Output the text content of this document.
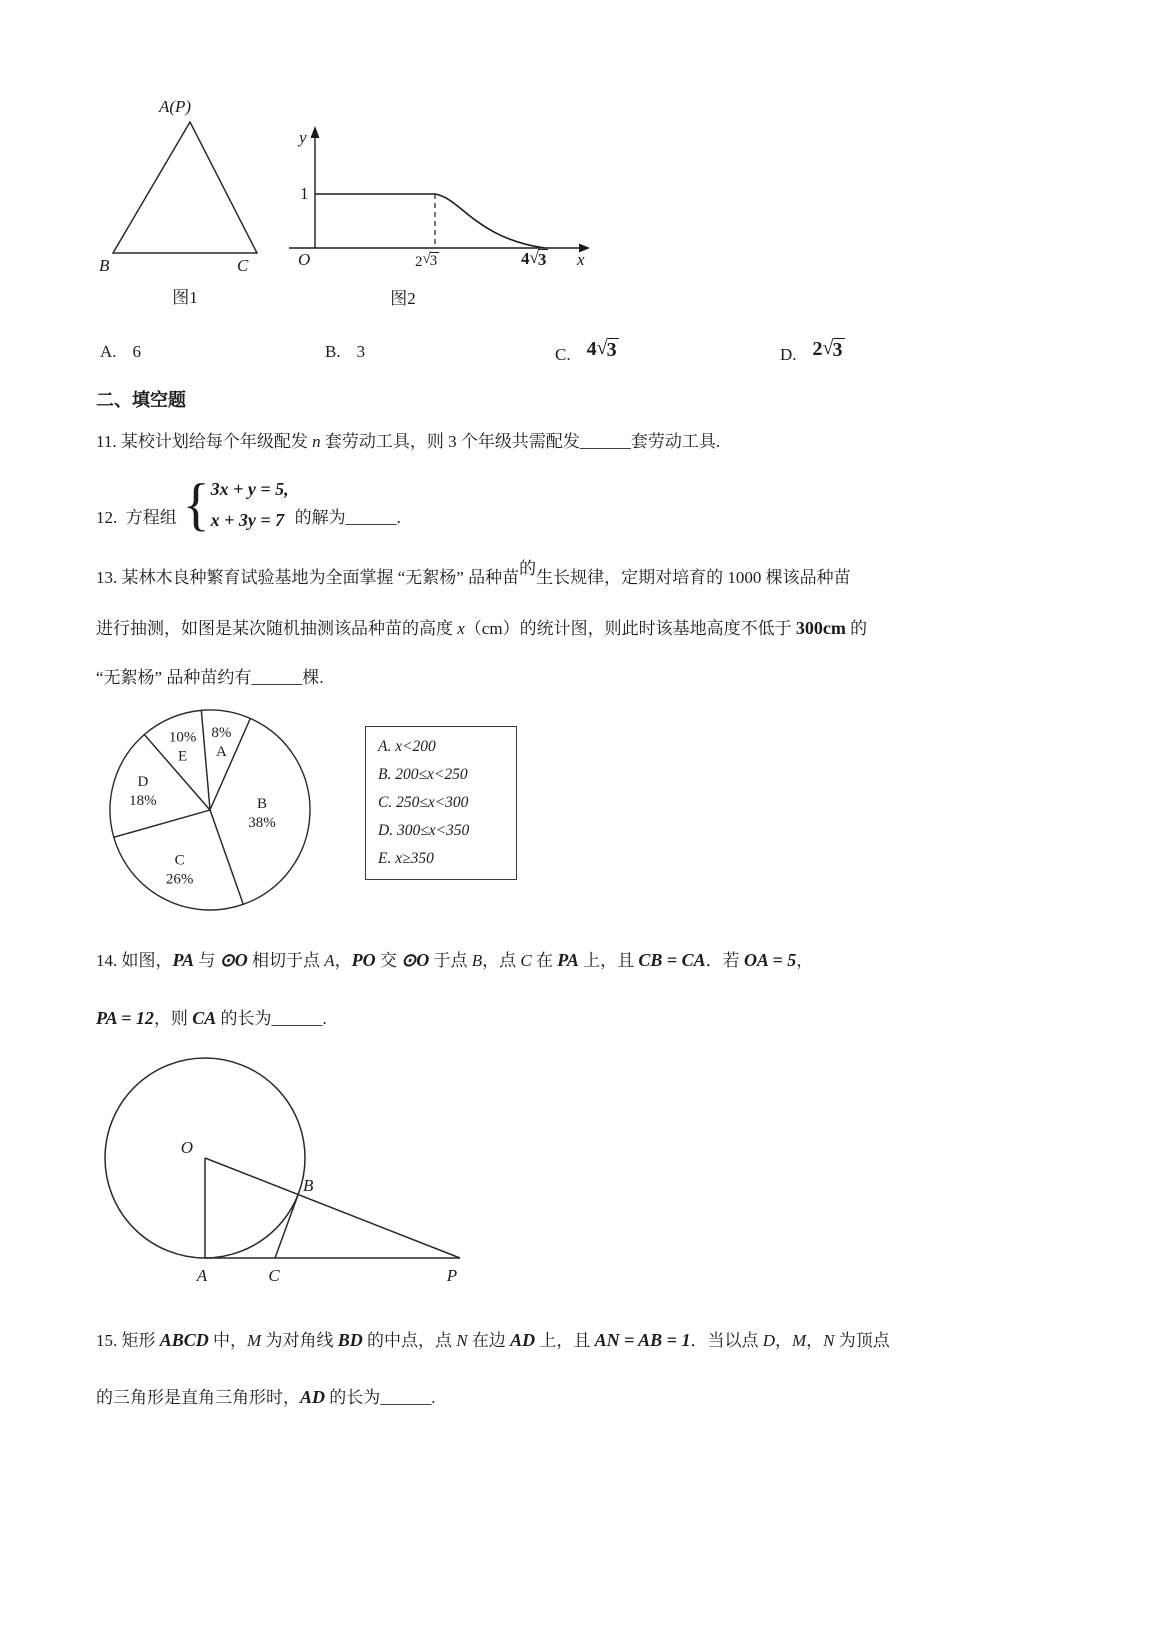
A(P)
B	C
图1
y
1
O	2 √ 3	4 √ 3 x
图2
A. 6	B. 3	C. 4 √ 3	D. 2 √ 3
二、填空题
11. 某校计划给每个年级配发 n 套劳动工具，则 3 个年级共需配发______套劳动工具.
12.  方程组 { 3x + y = 5,
x + 3y = 7 的解为______.
13. 某林木良种繁育试验基地为全面掌握 “无絮杨” 品种苗的生长规律，定期对培育的 1000 棵该品种苗
进行抽测，如图是某次随机抽测该品种苗的高度 x（cm）的统计图，则此时该基地高度不低于 300cm 的
“无絮杨” 品种苗约有______棵.
8% A
B 38%
C 26%
D 18%
10% E
A. x<200
B. 200≤x<250
C. 250≤x<300
D. 300≤x<350
E. x≥350
14. 如图，PA 与 ⊙O 相切于点 A，PO 交 ⊙O 于点 B，点 C 在 PA 上，且 CB = CA．若 OA = 5，
PA = 12，则 CA 的长为______.
O
B
A	C	P
15. 矩形 ABCD 中，M 为对角线 BD 的中点，点 N 在边 AD 上，且 AN = AB = 1．当以点 D，M，N 为顶点
的三角形是直角三角形时，AD 的长为______.
